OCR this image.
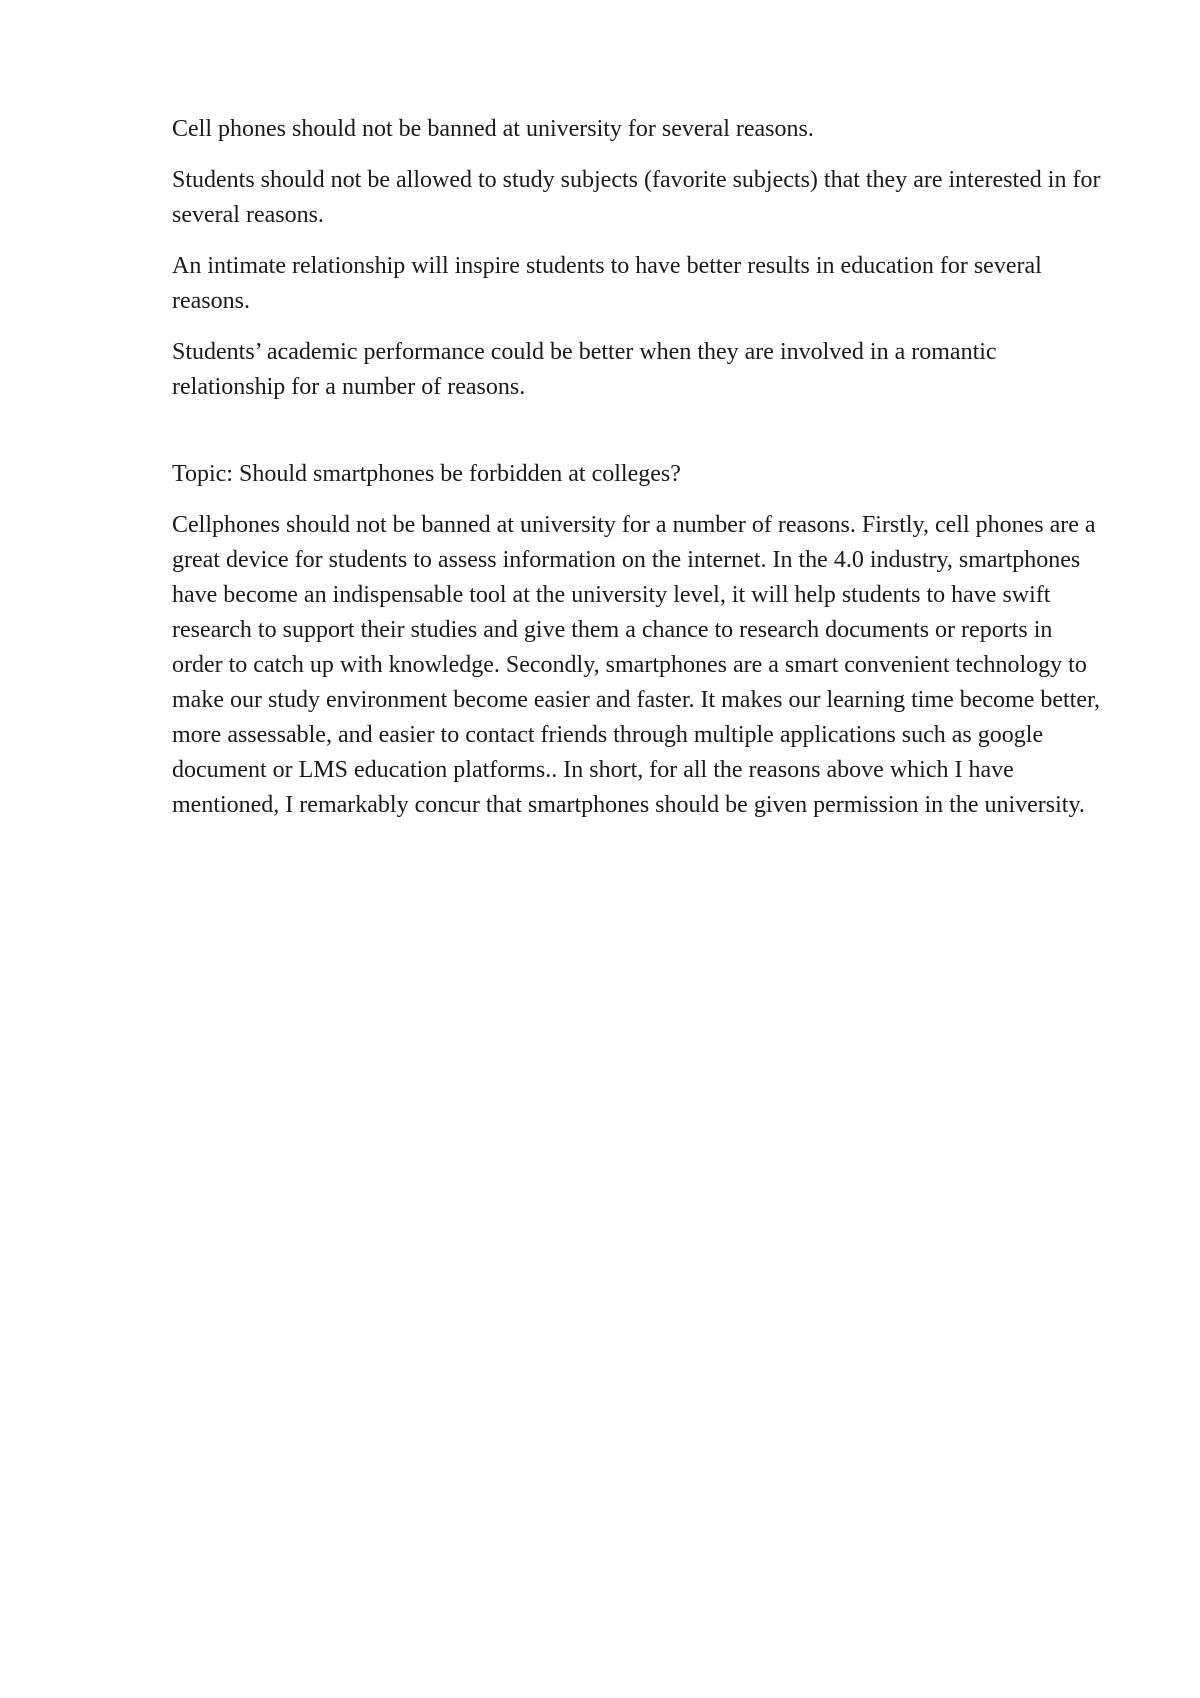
Cell phones should not be banned at university for several reasons.

Students should not be allowed to study subjects (favorite subjects) that they are interested in for several reasons.

An intimate relationship will inspire students to have better results in education for several reasons.

Students’ academic performance could be better when they are involved in a romantic relationship for a number of reasons.

Topic: Should smartphones be forbidden at colleges?

Cellphones should not be banned at university for a number of reasons. Firstly, cell phones are a great device for students to assess information on the internet. In the 4.0 industry, smartphones have become an indispensable tool at the university level, it will help students to have swift research to support their studies and give them a chance to research documents or reports in order to catch up with knowledge. Secondly, smartphones are a smart convenient technology to make our study environment become easier and faster. It makes our learning time become better, more assessable, and easier to contact friends through multiple applications such as google document or LMS education platforms.. In short, for all the reasons above which I have mentioned, I remarkably concur that smartphones should be given permission in the university.
